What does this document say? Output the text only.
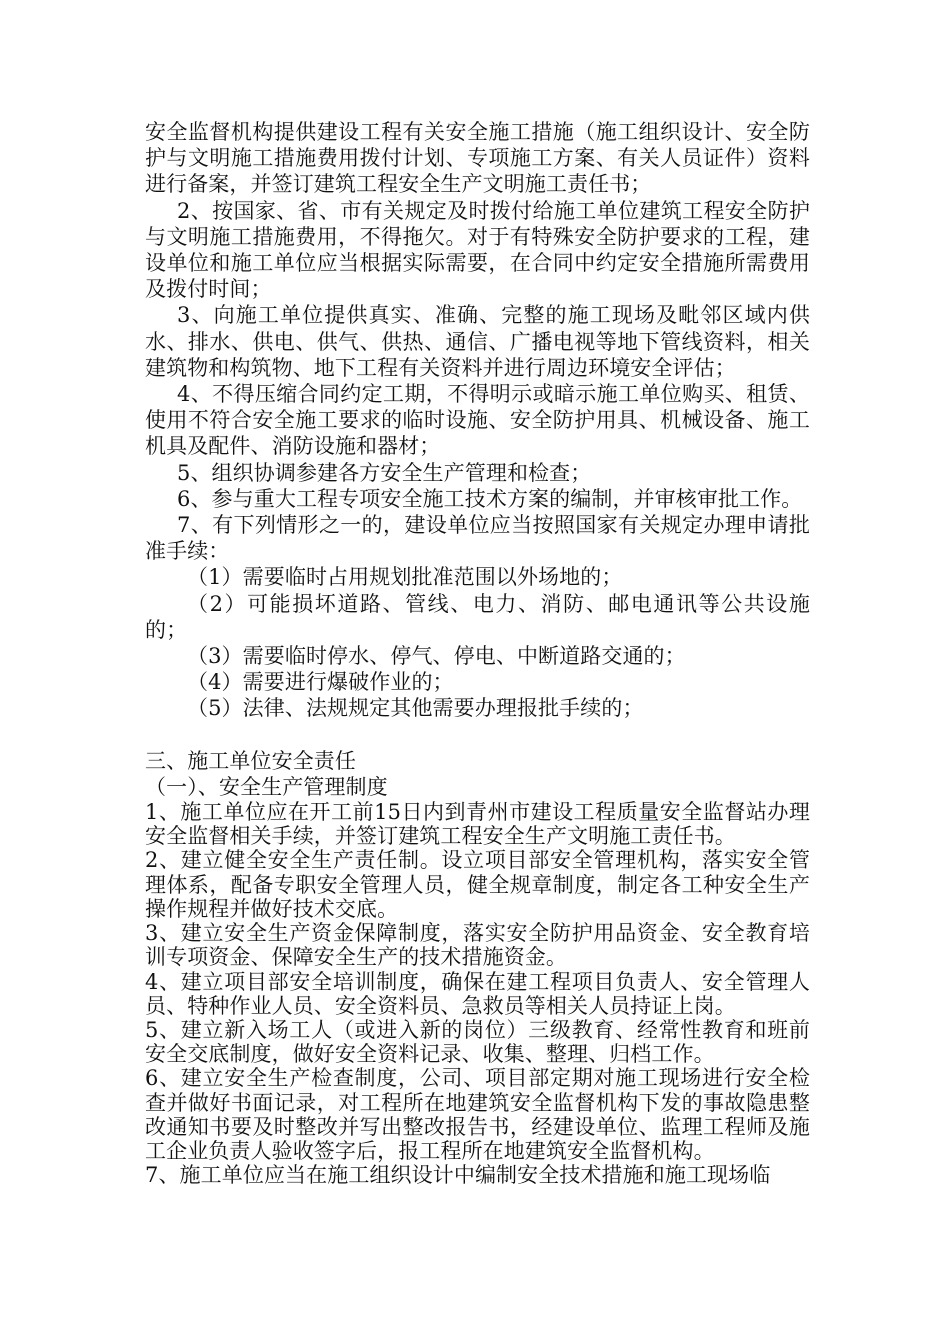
安全监督机构提供建设工程有关安全施工措施（施工组织设计、安全防护与文明施工措施费用拨付计划、专项施工方案、有关人员证件）资料进行备案，并签订建筑工程安全生产文明施工责任书；

2、按国家、省、市有关规定及时拨付给施工单位建筑工程安全防护与文明施工措施费用，不得拖欠。对于有特殊安全防护要求的工程，建设单位和施工单位应当根据实际需要，在合同中约定安全措施所需费用及拨付时间；

3、向施工单位提供真实、准确、完整的施工现场及毗邻区域内供水、排水、供电、供气、供热、通信、广播电视等地下管线资料，相关建筑物和构筑物、地下工程有关资料并进行周边环境安全评估；

4、不得压缩合同约定工期，不得明示或暗示施工单位购买、租赁、使用不符合安全施工要求的临时设施、安全防护用具、机械设备、施工机具及配件、消防设施和器材；

5、组织协调参建各方安全生产管理和检查；

6、参与重大工程专项安全施工技术方案的编制，并审核审批工作。

7、有下列情形之一的，建设单位应当按照国家有关规定办理申请批准手续：

（1）需要临时占用规划批准范围以外场地的；

（2）可能损坏道路、管线、电力、消防、邮电通讯等公共设施的；

（3）需要临时停水、停气、停电、中断道路交通的；

（4）需要进行爆破作业的；

（5）法律、法规规定其他需要办理报批手续的；

三、施工单位安全责任

（一）、安全生产管理制度

1、施工单位应在开工前15日内到青州市建设工程质量安全监督站办理安全监督相关手续，并签订建筑工程安全生产文明施工责任书。

2、建立健全安全生产责任制。设立项目部安全管理机构，落实安全管理体系，配备专职安全管理人员，健全规章制度，制定各工种安全生产操作规程并做好技术交底。

3、建立安全生产资金保障制度，落实安全防护用品资金、安全教育培训专项资金、保障安全生产的技术措施资金。

4、建立项目部安全培训制度，确保在建工程项目负责人、安全管理人员、特种作业人员、安全资料员、急救员等相关人员持证上岗。

5、建立新入场工人（或进入新的岗位）三级教育、经常性教育和班前安全交底制度，做好安全资料记录、收集、整理、归档工作。

6、建立安全生产检查制度，公司、项目部定期对施工现场进行安全检查并做好书面记录，对工程所在地建筑安全监督机构下发的事故隐患整改通知书要及时整改并写出整改报告书，经建设单位、监理工程师及施工企业负责人验收签字后，报工程所在地建筑安全监督机构。

7、施工单位应当在施工组织设计中编制安全技术措施和施工现场临
